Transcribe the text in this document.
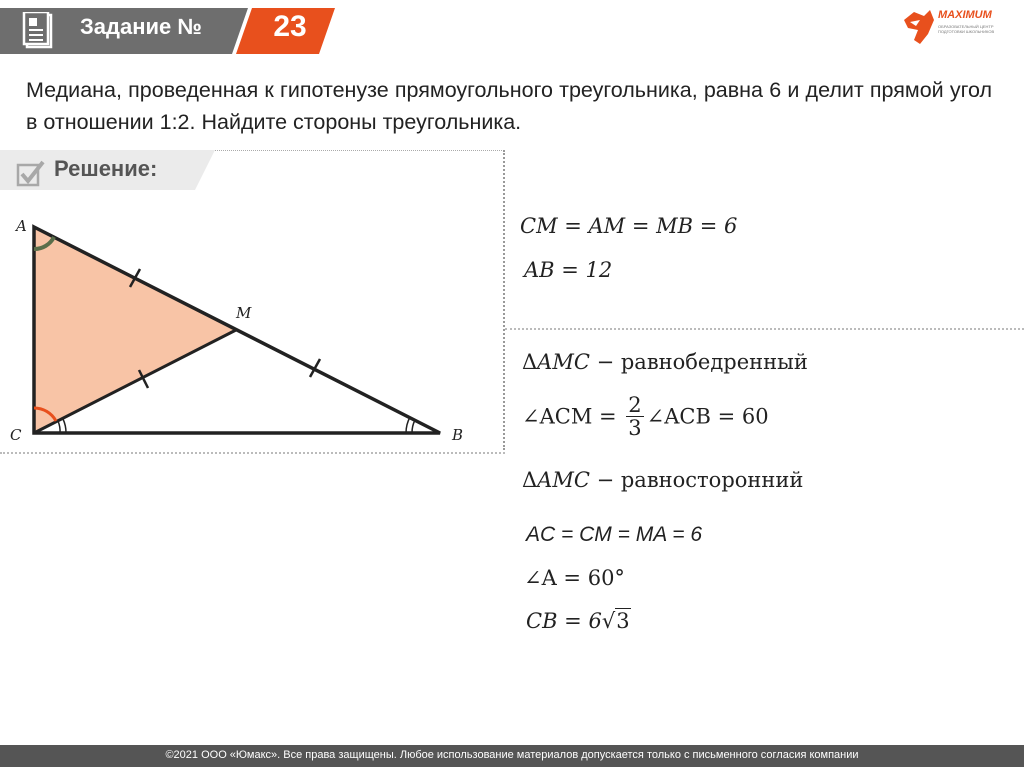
Задание №	23	MAXIMUM
ОБРАЗОВАТЕЛЬНЫЙ ЦЕНТР ПОДГОТОВКИ ШКОЛЬНИКОВ
Медиана, проведенная к гипотенузе прямоугольного треугольника, равна 6 и делит прямой угол в отношении 1:2. Найдите стороны треугольника.
Решение:
A
M
C	B
CM = AM = MB = 6
AB = 12
ΔAMC − равнобедренный
∠ACM = $\frac{2}{3}$ ∠ACB = 60
ΔAMC − равносторонний
AC = CM = MA = 6
∠A = 60°
CB = 6√3
©2021 ООО «Юмакс». Все права защищены. Любое использование материалов допускается только с письменного согласия компании
